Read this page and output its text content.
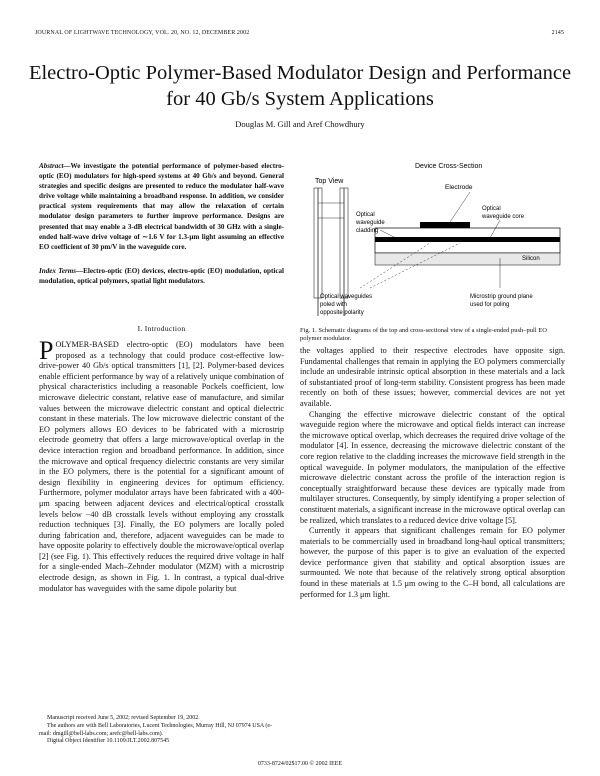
JOURNAL OF LIGHTWAVE TECHNOLOGY, VOL. 20, NO. 12, DECEMBER 2002	2145
Electro-Optic Polymer-Based Modulator Design and Performance for 40 Gb/s System Applications
Douglas M. Gill and Aref Chowdhury
Abstract—We investigate the potential performance of polymer-based electro-optic (EO) modulators for high-speed systems at 40 Gb/s and beyond. General strategies and specific designs are presented to reduce the modulator half-wave drive voltage while maintaining a broadband response. In addition, we consider practical system requirements that may allow the relaxation of certain modulator design parameters to further improve performance. Designs are presented that may enable a 3-dB electrical bandwidth of 30 GHz with a single-ended half-wave drive voltage of ∼1.6 V for 1.3-μm light assuming an effective EO coefficient of 30 pm/V in the waveguide core.
Index Terms—Electro-optic (EO) devices, electro-optic (EO) modulation, optical modulation, optical polymers, spatial light modulators.
I. Introduction
POLYMER-BASED electro-optic (EO) modulators have been proposed as a technology that could produce cost-effective low-drive-power 40 Gb/s optical transmitters [1], [2]. Polymer-based devices enable efficient performance by way of a relatively unique combination of physical characteristics including a reasonable Pockels coefficient, low microwave dielectric constant, relative ease of manufacture, and similar values between the microwave dielectric constant and optical dielectric constant in these materials. The low microwave dielectric constant of the EO polymers allows EO devices to be fabricated with a microstrip electrode geometry that offers a large microwave/optical overlap in the device interaction region and broadband performance. In addition, since the microwave and optical frequency dielectric constants are very similar in the EO polymers, there is the potential for a significant amount of design flexibility in engineering devices for optimum efficiency. Furthermore, polymer modulator arrays have been fabricated with a 400-μm spacing between adjacent devices and electrical/optical crosstalk levels below −40 dB crosstalk levels without employing any crosstalk reduction techniques [3]. Finally, the EO polymers are locally poled during fabrication and, therefore, adjacent waveguides can be made to have opposite polarity to effectively double the microwave/optical overlap [2] (see Fig. 1). This effectively reduces the required drive voltage in half for a single-ended Mach–Zehnder modulator (MZM) with a microstrip electrode design, as shown in Fig. 1. In contrast, a typical dual-drive modulator has waveguides with the same dipole polarity but

Manuscript received June 5, 2002; revised September 19, 2002.

The authors are with Bell Laboratories, Lucent Technologies, Murray Hill, NJ 07974 USA (e-mail: dmgill@bell-labs.com; arefc@bell-labs.com).

Digital Object Identifier 10.1109/JLT.2002.807545

Device Cross-Section
Top View
Electrode
Optical
waveguide
cladding
Optical
waveguide core
Silicon
Optical waveguides
poled with
opposite polarity
Microstrip ground plane
used for poling
Fig. 1. Schematic diagrams of the top and cross-sectional view of a single-ended push–pull EO polymer modulator.

the voltages applied to their respective electrodes have opposite sign. Fundamental challenges that remain in applying the EO polymers commercially include an undesirable intrinsic optical absorption in these materials and a lack of substantiated proof of long-term stability. Consistent progress has been made recently on both of these issues; however, commercial devices are not yet available.

Changing the effective microwave dielectric constant of the optical waveguide region where the microwave and optical fields interact can increase the microwave optical overlap, which decreases the required drive voltage of the modulator [4]. In essence, decreasing the microwave dielectric constant of the core region relative to the cladding increases the microwave field strength in the optical waveguide. In polymer modulators, the manipulation of the effective microwave dielectric constant across the profile of the interaction region is conceptually straightforward because these devices are typically made from multilayer structures. Consequently, by simply identifying a proper selection of constituent materials, a significant increase in the microwave optical overlap can be realized, which translates to a reduced device drive voltage [5].

Currently it appears that significant challenges remain for EO polymer materials to be commercially used in broadband long-haul optical transmitters; however, the purpose of this paper is to give an evaluation of the expected device performance given that stability and optical absorption issues are surmounted. We note that because of the relatively strong optical absorption found in these materials at 1.5 μm owing to the C–H bond, all calculations are performed for 1.3 μm light.

0733-8724/02$17.00 © 2002 IEEE
